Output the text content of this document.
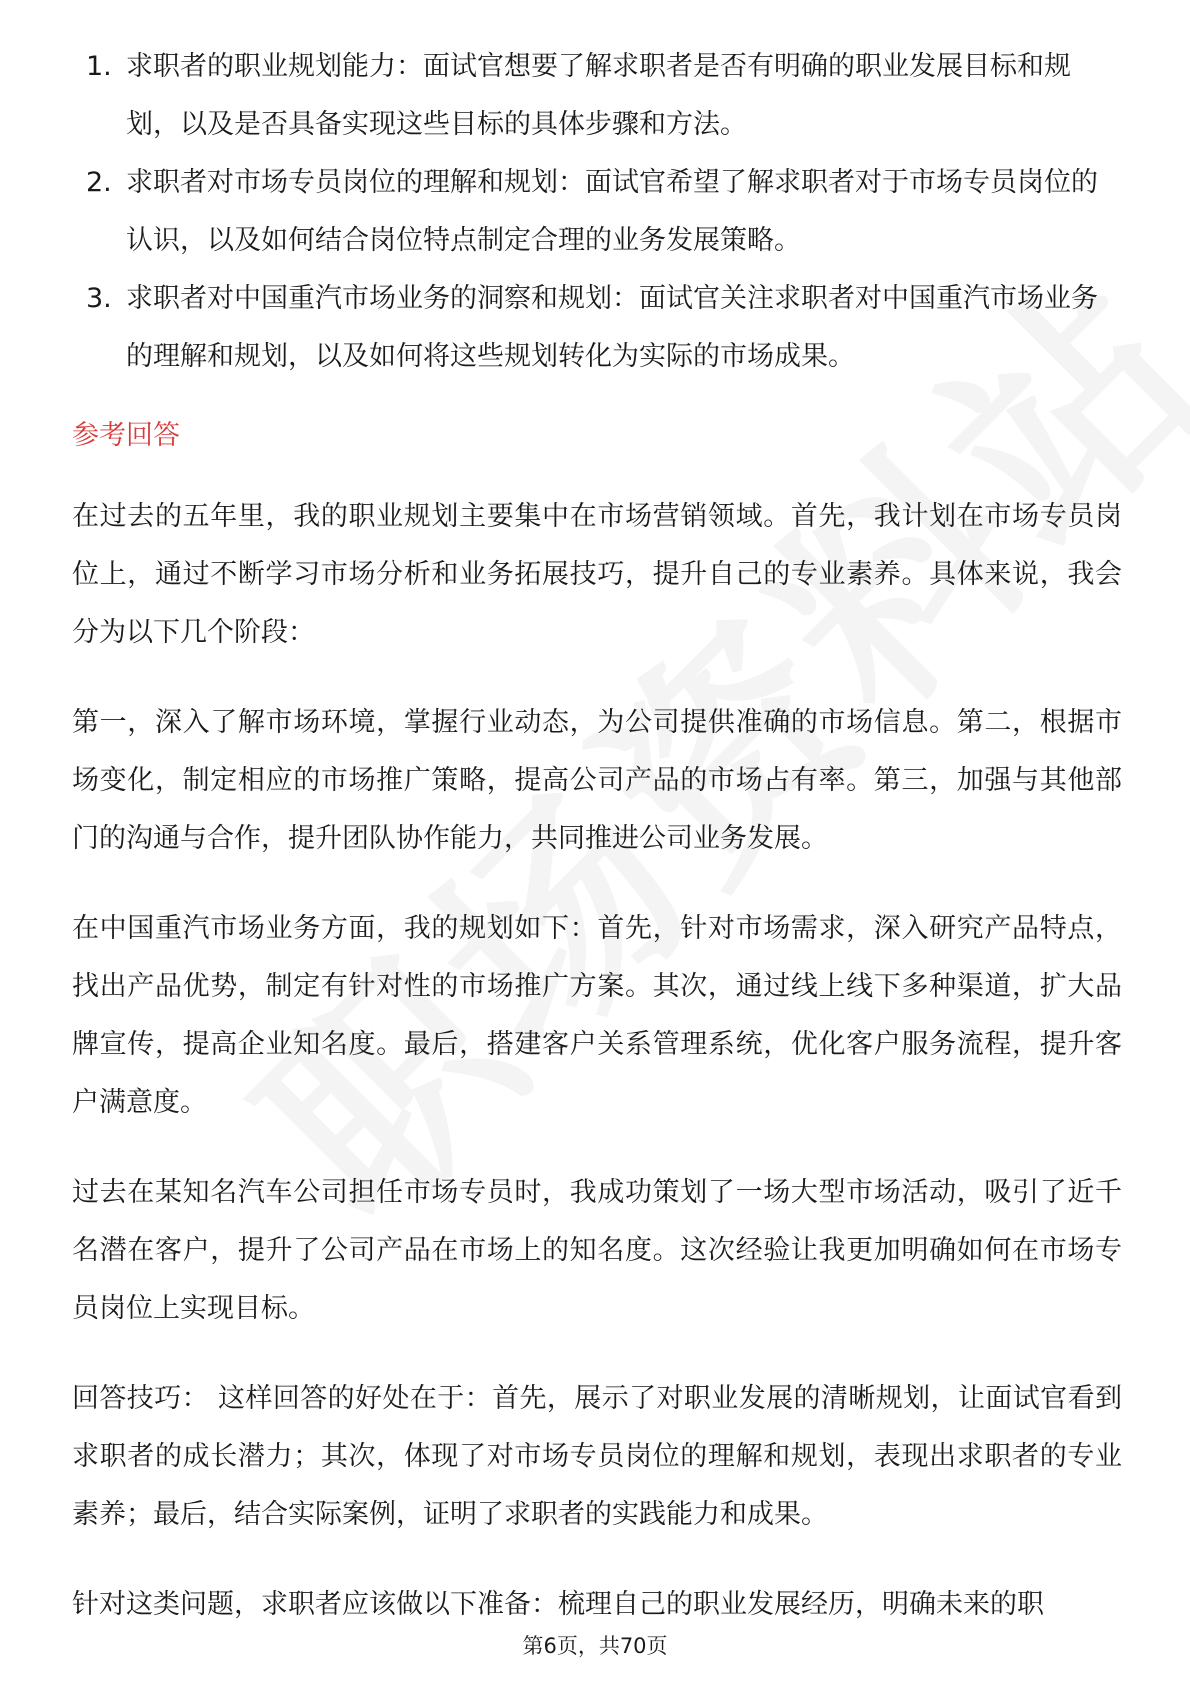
1. 求职者的职业规划能力：面试官想要了解求职者是否有明确的职业发展目标和规划，以及是否具备实现这些目标的具体步骤和方法。
2. 求职者对市场专员岗位的理解和规划：面试官希望了解求职者对于市场专员岗位的认识，以及如何结合岗位特点制定合理的业务发展策略。
3. 求职者对中国重汽市场业务的洞察和规划：面试官关注求职者对中国重汽市场业务的理解和规划，以及如何将这些规划转化为实际的市场成果。
参考回答

在过去的五年里，我的职业规划主要集中在市场营销领域。首先，我计划在市场专员岗位上，通过不断学习市场分析和业务拓展技巧，提升自己的专业素养。具体来说，我会分为以下几个阶段：

第一，深入了解市场环境，掌握行业动态，为公司提供准确的市场信息。第二，根据市场变化，制定相应的市场推广策略，提高公司产品的市场占有率。第三，加强与其他部门的沟通与合作，提升团队协作能力，共同推进公司业务发展。

在中国重汽市场业务方面，我的规划如下：首先，针对市场需求，深入研究产品特点，找出产品优势，制定有针对性的市场推广方案。其次，通过线上线下多种渠道，扩大品牌宣传，提高企业知名度。最后，搭建客户关系管理系统，优化客户服务流程，提升客户满意度。

过去在某知名汽车公司担任市场专员时，我成功策划了一场大型市场活动，吸引了近千名潜在客户，提升了公司产品在市场上的知名度。这次经验让我更加明确如何在市场专员岗位上实现目标。

回答技巧： 这样回答的好处在于：首先，展示了对职业发展的清晰规划，让面试官看到求职者的成长潜力；其次，体现了对市场专员岗位的理解和规划，表现出求职者的专业素养；最后，结合实际案例，证明了求职者的实践能力和成果。

针对这类问题，求职者应该做以下准备：梳理自己的职业发展经历，明确未来的职

第6页，共70页
